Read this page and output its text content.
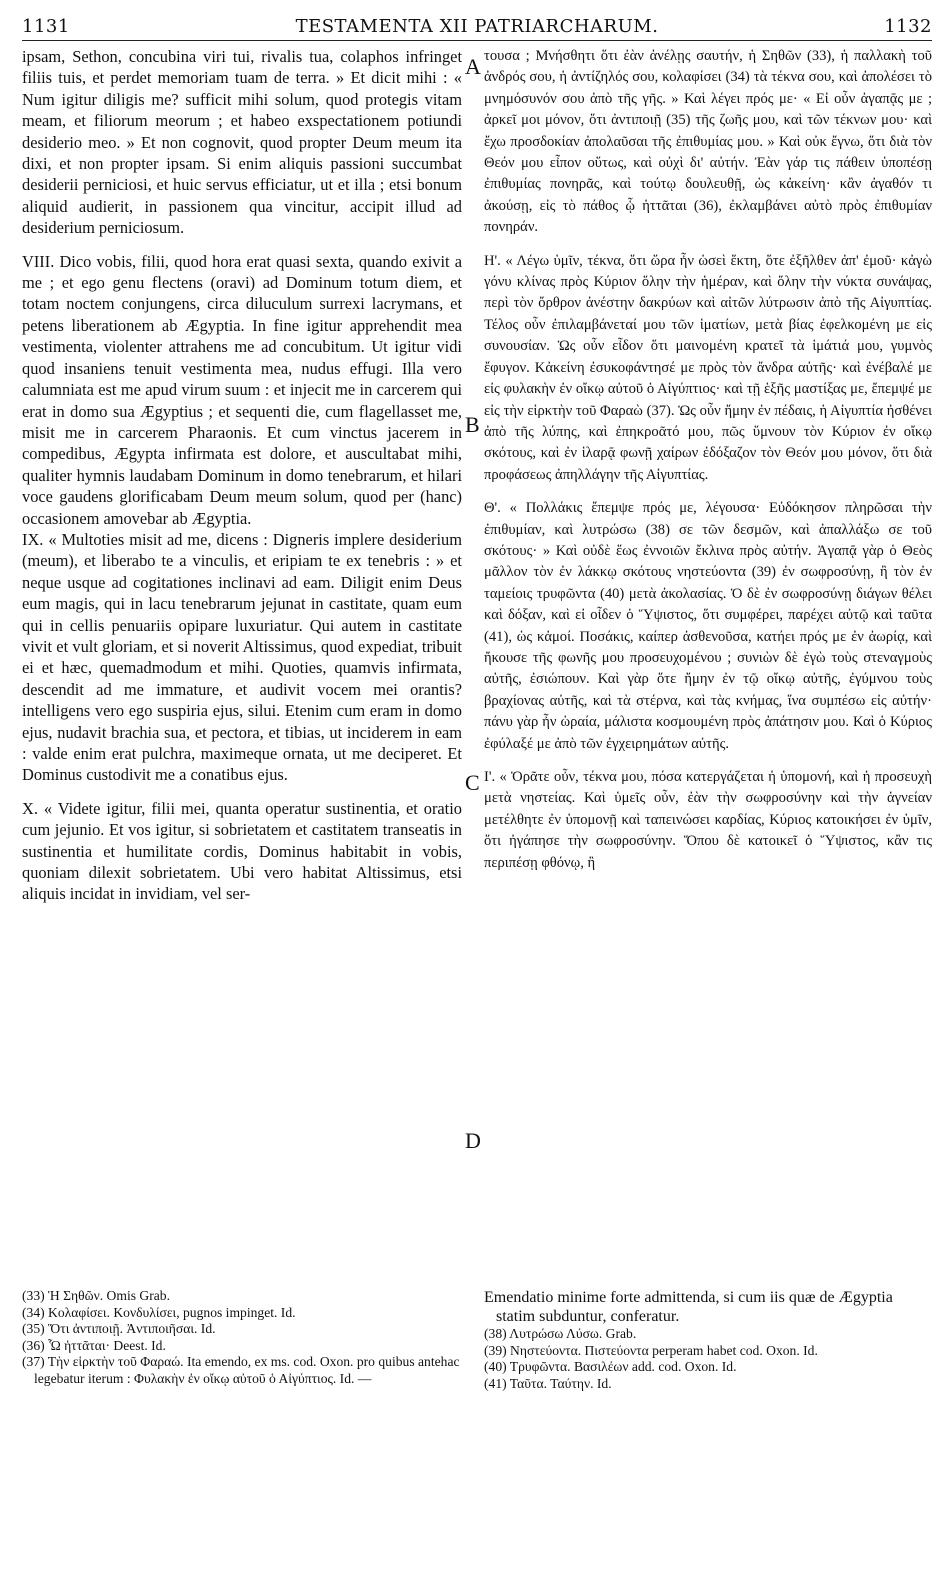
1131	TESTAMENTA XII PATRIARCHARUM.	1132

ipsam, Sethon, concubina viri tui, rivalis tua, colaphos infringet filiis tuis, et perdet memoriam tuam de terra. » Et dicit mihi : « Num igitur diligis me? sufficit mihi solum, quod protegis vitam meam, et filiorum meorum ; et habeo exspectationem potiundi desiderio meo. » Et non cognovit, quod propter Deum meum ita dixi, et non propter ipsam. Si enim aliquis passioni succumbat desiderii perniciosi, et huic servus efficiatur, ut et illa ; etsi bonum aliquid audierit, in passionem qua vincitur, accipit illud ad desiderium perniciosum.

VIII. Dico vobis, filii, quod hora erat quasi sexta, quando exivit a me ; et ego genu flectens (oravi) ad Dominum totum diem, et totam noctem conjungens, circa diluculum surrexi lacrymans, et petens liberationem ab Ægyptia. In fine igitur apprehendit mea vestimenta, violenter attrahens me ad concubitum. Ut igitur vidi quod insaniens tenuit vestimenta mea, nudus effugi. Illa vero calumniata est me apud virum suum : et injecit me in carcerem qui erat in domo sua Ægyptius ; et sequenti die, cum flagellasset me, misit me in carcerem Pharaonis. Et cum vinctus jacerem in compedibus, Ægypta infirmata est dolore, et auscultabat mihi, qualiter hymnis laudabam Dominum in domo tenebrarum, et hilari voce gaudens glorificabam Deum meum solum, quod per (hanc) occasionem amovebar ab Ægyptia.

IX. « Multoties misit ad me, dicens : Digneris implere desiderium (meum), et liberabo te a vinculis, et eripiam te ex tenebris : » et neque usque ad cogitationes inclinavi ad eam. Diligit enim Deus eum magis, qui in lacu tenebrarum jejunat in castitate, quam eum qui in cellis penuariis opipare luxuriatur. Qui autem in castitate vivit et vult gloriam, et si noverit Altissimus, quod expediat, tribuit ei et hæc, quemadmodum et mihi. Quoties, quamvis infirmata, descendit ad me immature, et audivit vocem mei orantis? intelligens vero ego suspiria ejus, silui. Etenim cum eram in domo ejus, nudavit brachia sua, et pectora, et tibias, ut inciderem in eam : valde enim erat pulchra, maximeque ornata, ut me deciperet. Et Dominus custodivit me a conatibus ejus.

X. « Videte igitur, filii mei, quanta operatur sustinentia, et oratio cum jejunio. Et vos igitur, si sobrietatem et castitatem transeatis in sustinentia et humilitate cordis, Dominus habitabit in vobis, quoniam dilexit sobrietatem. Ubi vero habitat Altissimus, etsi aliquis incidat in invidiam, vel ser-

A
B
C
D

τουσα ; Μνήσθητι ὅτι ἐὰν ἀνέλῃς σαυτήν, ἡ Σηθῶν (33), ἡ παλλακὴ τοῦ ἀνδρός σου, ἡ ἀντίζηλός σου, κολαφίσει (34) τὰ τέκνα σου, καὶ ἀπολέσει τὸ μνημόσυνόν σου ἀπὸ τῆς γῆς. » Καὶ λέγει πρός με· « Εἰ οὖν ἀγαπᾷς με ; ἀρκεῖ μοι μόνον, ὅτι ἀντιποιῇ (35) τῆς ζωῆς μου, καὶ τῶν τέκνων μου· καὶ ἔχω προσδοκίαν ἀπολαῦσαι τῆς ἐπιθυμίας μου. » Καὶ οὐκ ἔγνω, ὅτι διὰ τὸν Θεόν μου εἶπον οὕτως, καὶ οὐχὶ δι' αὐτήν. Ἐὰν γάρ τις πάθειν ὑποπέσῃ ἐπιθυμίας πονηρᾶς, καὶ τούτῳ δουλευθῇ, ὡς κἀκείνη· κἂν ἀγαθόν τι ἀκούσῃ, εἰς τὸ πάθος ᾧ ἡττᾶται (36), ἐκλαμβάνει αὐτὸ πρὸς ἐπιθυμίαν πονηράν.

Η'. « Λέγω ὑμῖν, τέκνα, ὅτι ὥρα ἦν ὡσεὶ ἕκτη, ὅτε ἐξῆλθεν ἀπ' ἐμοῦ· κἀγὼ γόνυ κλίνας πρὸς Κύριον ὅλην τὴν ἡμέραν, καὶ ὅλην τὴν νύκτα συνάψας, περὶ τὸν ὄρθρον ἀνέστην δακρύων καὶ αἰτῶν λύτρωσιν ἀπὸ τῆς Αἰγυπτίας. Τέλος οὖν ἐπιλαμβάνεταί μου τῶν ἱματίων, μετὰ βίας ἐφελκομένη με εἰς συνουσίαν. Ὡς οὖν εἶδον ὅτι μαινομένη κρατεῖ τὰ ἱμάτιά μου, γυμνὸς ἔφυγον. Κἀκείνη ἐσυκοφάντησέ με πρὸς τὸν ἄνδρα αὐτῆς· καὶ ἐνέβαλέ με εἰς φυλακὴν ἐν οἴκῳ αὐτοῦ ὁ Αἰγύπτιος· καὶ τῇ ἑξῆς μαστίξας με, ἔπεμψέ με εἰς τὴν εἱρκτὴν τοῦ Φαραὼ (37). Ὡς οὖν ἤμην ἐν πέδαις, ἡ Αἰγυπτία ἠσθένει ἀπὸ τῆς λύπης, καὶ ἐπηκροᾶτό μου, πῶς ὕμνουν τὸν Κύριον ἐν οἴκῳ σκότους, καὶ ἐν ἱλαρᾷ φωνῇ χαίρων ἐδόξαζον τὸν Θεόν μου μόνον, ὅτι διὰ προφάσεως ἀπηλλάγην τῆς Αἰγυπτίας.

Θ'. « Πολλάκις ἔπεμψε πρός με, λέγουσα· Εὐδόκησον πληρῶσαι τὴν ἐπιθυμίαν, καὶ λυτρώσω (38) σε τῶν δεσμῶν, καὶ ἀπαλλάξω σε τοῦ σκότους· » Καὶ οὐδὲ ἕως ἐννοιῶν ἔκλινα πρὸς αὐτήν. Ἀγαπᾷ γὰρ ὁ Θεὸς μᾶλλον τὸν ἐν λάκκῳ σκότους νηστεύοντα (39) ἐν σωφροσύνῃ, ἢ τὸν ἐν ταμείοις τρυφῶντα (40) μετὰ ἀκολασίας. Ὁ δὲ ἐν σωφροσύνῃ διάγων θέλει καὶ δόξαν, καὶ εἰ οἶδεν ὁ Ὕψιστος, ὅτι συμφέρει, παρέχει αὐτῷ καὶ ταῦτα (41), ὡς κἀμοί. Ποσάκις, καίπερ ἀσθενοῦσα, κατήει πρός με ἐν ἀωρίᾳ, καὶ ἤκουσε τῆς φωνῆς μου προσευχομένου ; συνιὼν δὲ ἐγὼ τοὺς στεναγμοὺς αὐτῆς, ἐσιώπουν. Καὶ γὰρ ὅτε ἤμην ἐν τῷ οἴκῳ αὐτῆς, ἐγύμνου τοὺς βραχίονας αὐτῆς, καὶ τὰ στέρνα, καὶ τὰς κνήμας, ἵνα συμπέσω εἰς αὐτήν· πάνυ γὰρ ἦν ὡραία, μάλιστα κοσμουμένη πρὸς ἀπάτησιν μου. Καὶ ὁ Κύριος ἐφύλαξέ με ἀπὸ τῶν ἐγχειρημάτων αὐτῆς.

Ι'. « Ὁρᾶτε οὖν, τέκνα μου, πόσα κατεργάζεται ἡ ὑπομονή, καὶ ἡ προσευχὴ μετὰ νηστείας. Καὶ ὑμεῖς οὖν, ἐὰν τὴν σωφροσύνην καὶ τὴν ἁγνείαν μετέλθητε ἐν ὑπομονῇ καὶ ταπεινώσει καρδίας, Κύριος κατοικήσει ἐν ὑμῖν, ὅτι ἠγάπησε τὴν σωφροσύνην. Ὅπου δὲ κατοικεῖ ὁ Ὕψιστος, κἂν τις περιπέσῃ φθόνῳ, ἢ

(33) Ἡ Σηθῶν. Omis Grab.

(34) Κολαφίσει. Κονδυλίσει, pugnos impinget. Id.

(35) Ὅτι ἀντιποιῇ. Ἀντιποιῆσαι. Id.

(36) Ὧ ἡττᾶται· Deest. Id.

(37) Τὴν εἱρκτὴν τοῦ Φαραώ. Ita emendo, ex ms. cod. Oxon. pro quibus antehac legebatur iterum : Φυλακὴν ἐν οἴκῳ αὐτοῦ ὁ Αἰγύπτιος. Id. —

Emendatio minime forte admittenda, si cum iis quæ de Ægyptia statim subduntur, conferatur.

(38) Λυτρώσω Λύσω. Grab.

(39) Νηστεύοντα. Πιστεύοντα perperam habet cod. Oxon. Id.

(40) Τρυφῶντα. Βασιλέων add. cod. Oxon. Id.

(41) Ταῦτα. Ταύτην. Id.
